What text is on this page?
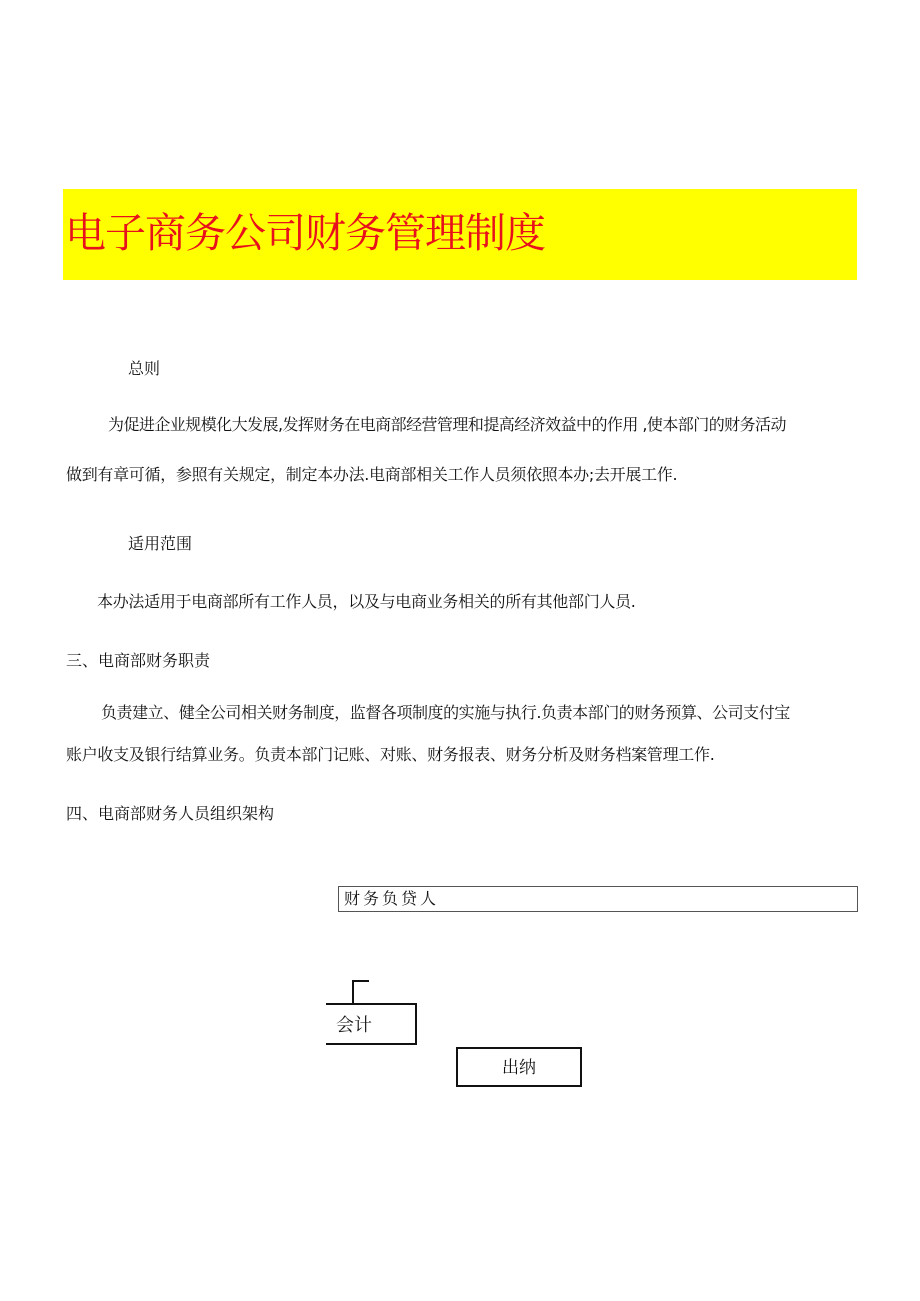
电子商务公司财务管理制度

总则

为促进企业规模化大发展,发挥财务在电商部经营管理和提高经济效益中的作用 ,使本部门的财务活动

做到有章可循，参照有关规定，制定本办法.电商部相关工作人员须依照本办;去开展工作.

适用范围

本办法适用于电商部所有工作人员，以及与电商业务相关的所有其他部门人员.

三、电商部财务职责

负责建立、健全公司相关财务制度，监督各项制度的实施与执行.负责本部门的财务预算、公司支付宝

账户收支及银行结算业务。负责本部门记账、对账、财务报表、财务分析及财务档案管理工作.

四、电商部财务人员组织架构

财务负贷人
会计
出纳
